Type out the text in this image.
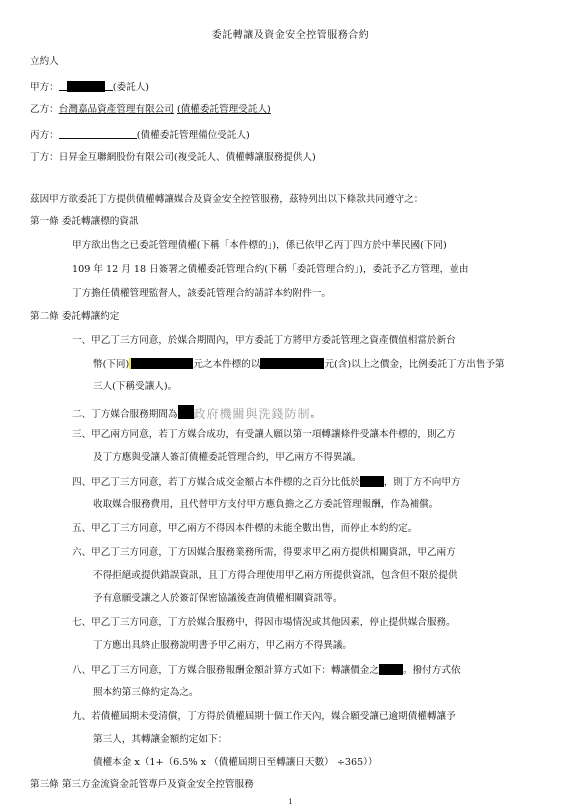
委託轉讓及資金安全控管服務合約
立約人
甲方：	(委託人)
乙方：台灣嘉品資產管理有限公司 (債權委託管理受託人)
丙方：	(債權委託管理備位受託人)
丁方：日昇金互聯網股份有限公司(複受託人、債權轉讓服務提供人)
茲因甲方欲委託丁方提供債權轉讓媒合及資金安全控管服務，茲特列出以下條款共同遵守之：
第一條 委託轉讓標的資訊
甲方欲出售之已委託管理債權(下稱「本件標的」)，係已依甲乙丙丁四方於中華民國(下同)
109 年 12 月 18 日簽署之債權委託管理合約(下稱「委託管理合約」)，委託予乙方管理，並由
丁方擔任債權管理監督人，該委託管理合約請詳本約附件一。
第二條 委託轉讓約定
一、甲乙丁三方同意，於媒合期間內，甲方委託丁方將甲方委託管理之資產價值相當於新台
幣(下同)	元之本件標的以	元(含)以上之價金，比例委託丁方出售予第
三人(下稱受讓人)。
二、丁方媒合服務期間為 政府機關與洗錢防制。
三、甲乙兩方同意，若丁方媒合成功，有受讓人願以第一項轉讓條件受讓本件標的，則乙方
及丁方應與受讓人簽訂債權委託管理合約，甲乙兩方不得異議。
四、甲乙丁三方同意，若丁方媒合成交金額占本件標的之百分比低於	，則丁方不向甲方
收取媒合服務費用，且代替甲方支付甲方應負擔之乙方委託管理報酬，作為補償。
五、甲乙丁三方同意，甲乙兩方不得因本件標的未能全數出售，而停止本約約定。
六、甲乙丁三方同意，丁方因媒合服務業務所需，得要求甲乙兩方提供相關資訊，甲乙兩方
不得拒絕或提供錯誤資訊，且丁方得合理使用甲乙兩方所提供資訊，包含但不限於提供
予有意願受讓之人於簽訂保密協議後查詢債權相關資訊等。
七、甲乙丁三方同意，丁方於媒合服務中，得因市場情況或其他因素，停止提供媒合服務。
丁方應出具終止服務說明書予甲乙兩方，甲乙兩方不得異議。
八、甲乙丁三方同意，丁方媒合服務報酬金額計算方式如下：轉讓價金之	。撥付方式依
照本約第三條約定為之。
九、若債權屆期未受清償，丁方得於債權屆期十個工作天內，媒合願受讓已逾期債權轉讓予
第三人，其轉讓金額約定如下：
債權本金 x（1+（6.5% x （債權屆期日至轉讓日天數） ÷365））
第三條 第三方金流資金託管專戶及資金安全控管服務
1
